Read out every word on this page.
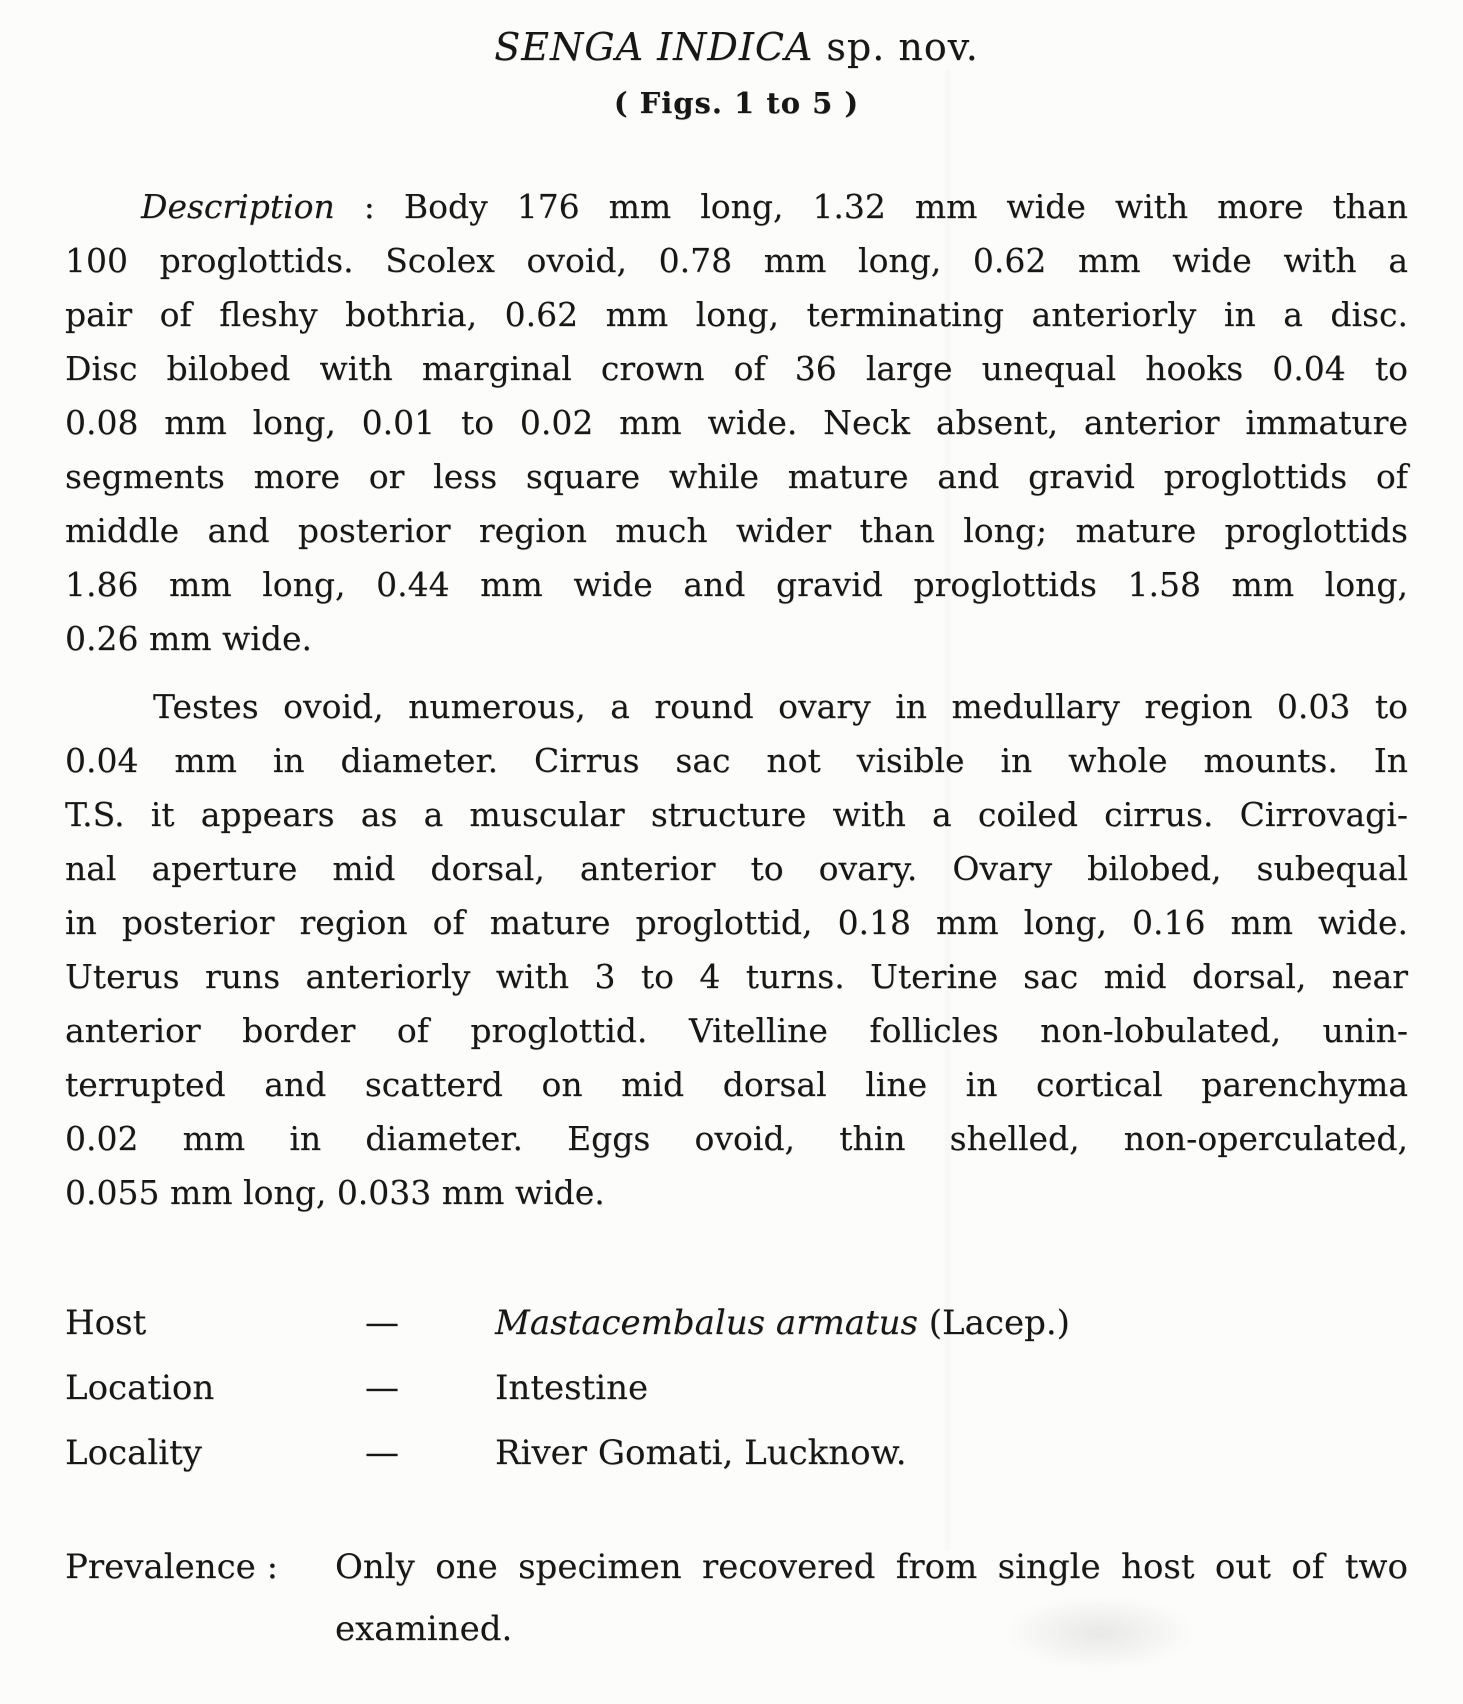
SENGA INDICA sp. nov.
( Figs. 1 to 5 )
Description : Body 176 mm long, 1.32 mm wide with more than
100 proglottids. Scolex ovoid, 0.78 mm long, 0.62 mm wide with a
pair of fleshy bothria, 0.62 mm long, terminating anteriorly in a disc.
Disc bilobed with marginal crown of 36 large unequal hooks 0.04 to
0.08 mm long, 0.01 to 0.02 mm wide. Neck absent, anterior immature
segments more or less square while mature and gravid proglottids of
middle and posterior region much wider than long; mature proglottids
1.86 mm long, 0.44 mm wide and gravid proglottids 1.58 mm long,
0.26 mm wide.
Testes ovoid, numerous, a round ovary in medullary region 0.03 to
0.04 mm in diameter. Cirrus sac not visible in whole mounts. In
T.S. it appears as a muscular structure with a coiled cirrus. Cirrovagi-
nal aperture mid dorsal, anterior to ovary. Ovary bilobed, subequal
in posterior region of mature proglottid, 0.18 mm long, 0.16 mm wide.
Uterus runs anteriorly with 3 to 4 turns. Uterine sac mid dorsal, near
anterior border of proglottid. Vitelline follicles non-lobulated, unin-
terrupted and scatterd on mid dorsal line in cortical parenchyma
0.02 mm in diameter. Eggs ovoid, thin shelled, non-operculated,
0.055 mm long, 0.033 mm wide.
Host	—	Mastacembalus armatus (Lacep.)
Location	—	Intestine
Locality	—	River Gomati, Lucknow.
Prevalence :	Only one specimen recovered from single host out of two
examined.
